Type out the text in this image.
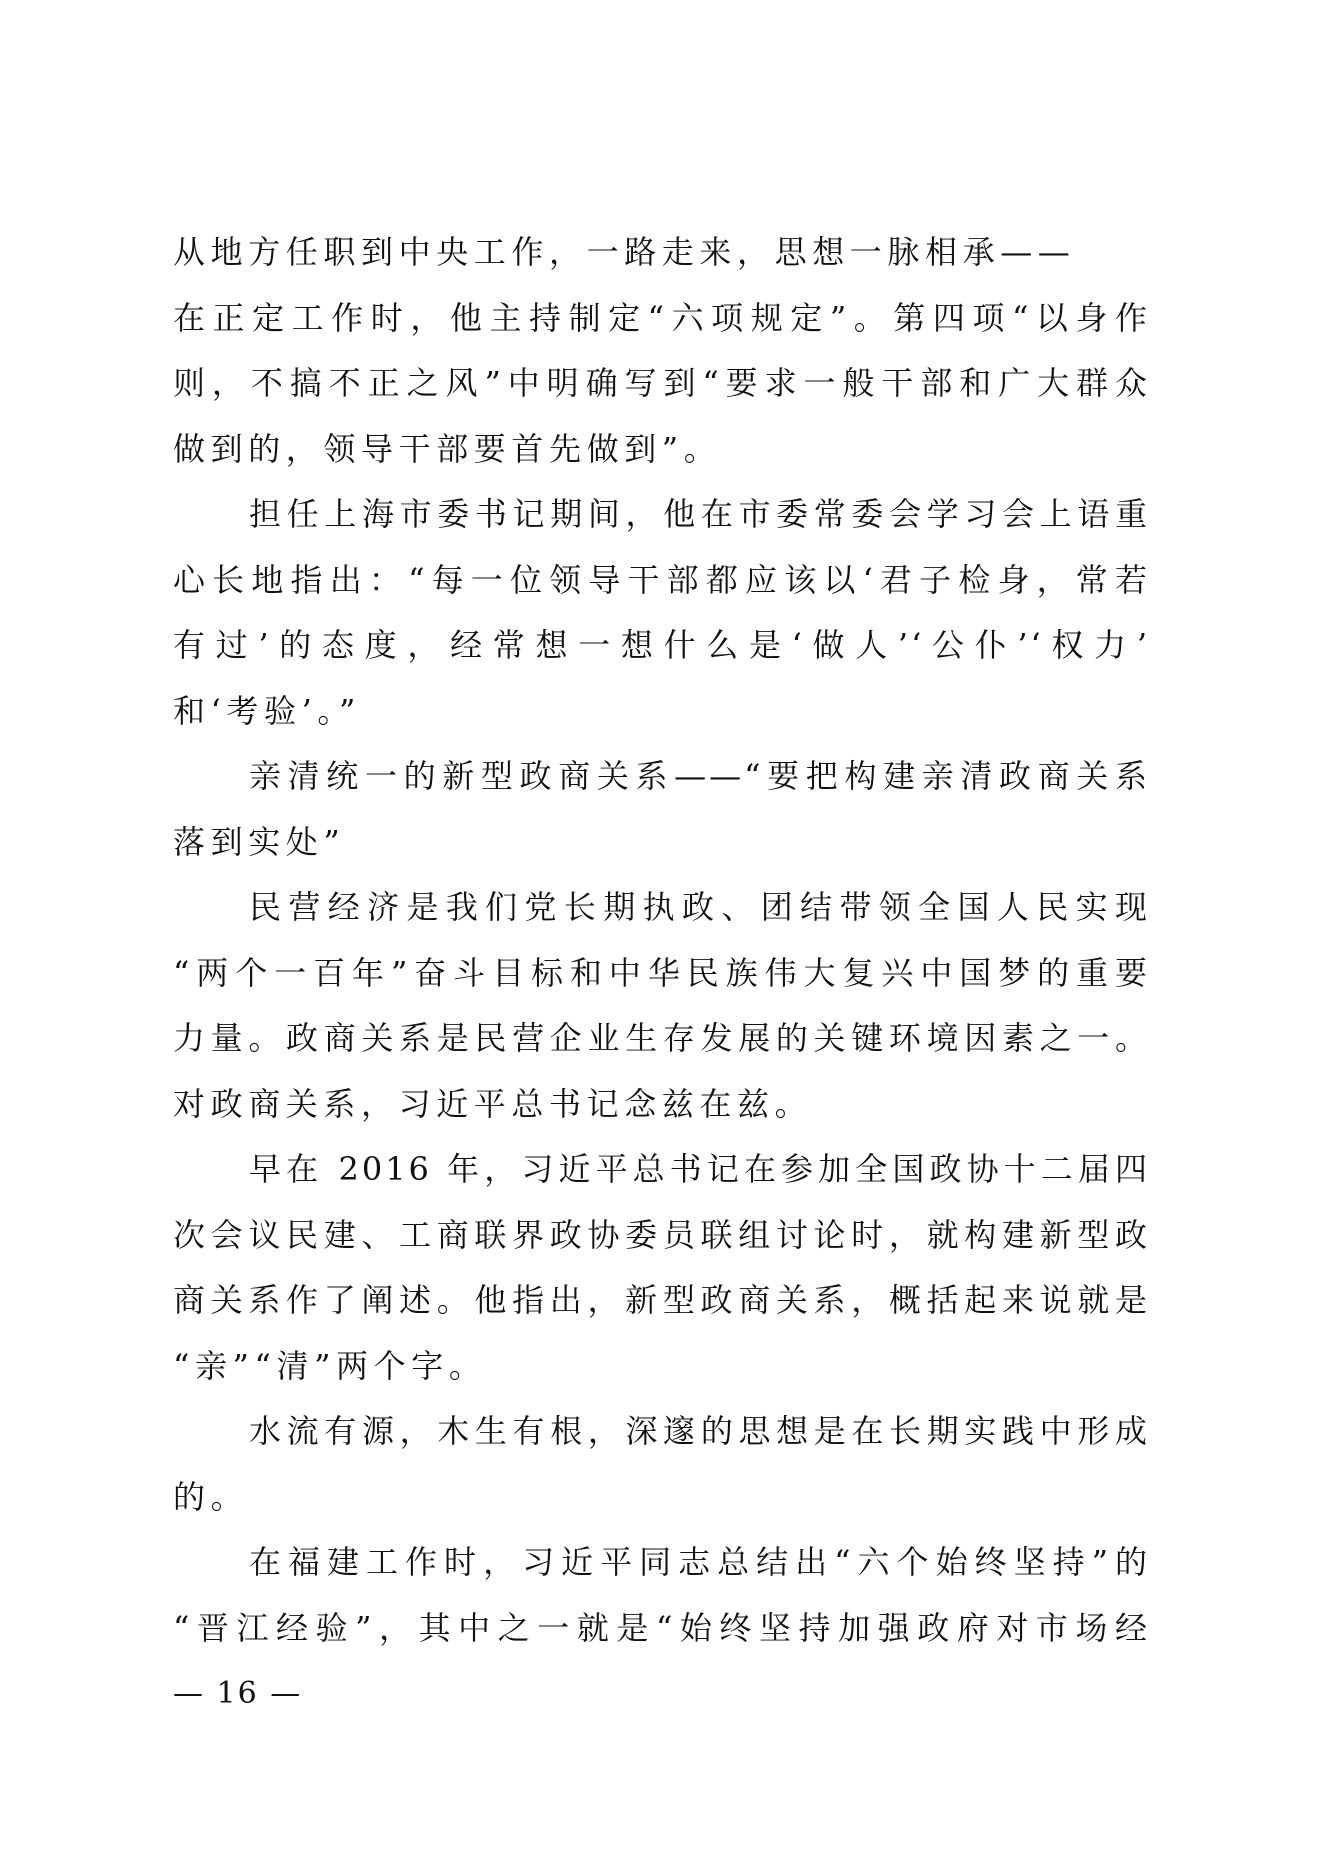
从地方任职到中央工作，一路走来，思想一脉相承——
在正定工作时，他主持制定“六项规定”。第四项“以身作
则，不搞不正之风”中明确写到“要求一般干部和广大群众
做到的，领导干部要首先做到”。
担任上海市委书记期间，他在市委常委会学习会上语重
心长地指出：“每一位领导干部都应该以‘君子检身，常若
有过’的态度，经常想一想什么是‘做人’‘公仆’‘权力’
和‘考验’。”
亲清统一的新型政商关系——“要把构建亲清政商关系
落到实处”
民营经济是我们党长期执政、团结带领全国人民实现
“两个一百年”奋斗目标和中华民族伟大复兴中国梦的重要
力量。政商关系是民营企业生存发展的关键环境因素之一。
对政商关系，习近平总书记念兹在兹。
早在 2016 年，习近平总书记在参加全国政协十二届四
次会议民建、工商联界政协委员联组讨论时，就构建新型政
商关系作了阐述。他指出，新型政商关系，概括起来说就是
“亲”“清”两个字。
水流有源，木生有根，深邃的思想是在长期实践中形成
的。
在福建工作时，习近平同志总结出“六个始终坚持”的
“晋江经验”，其中之一就是“始终坚持加强政府对市场经
— 16 —
